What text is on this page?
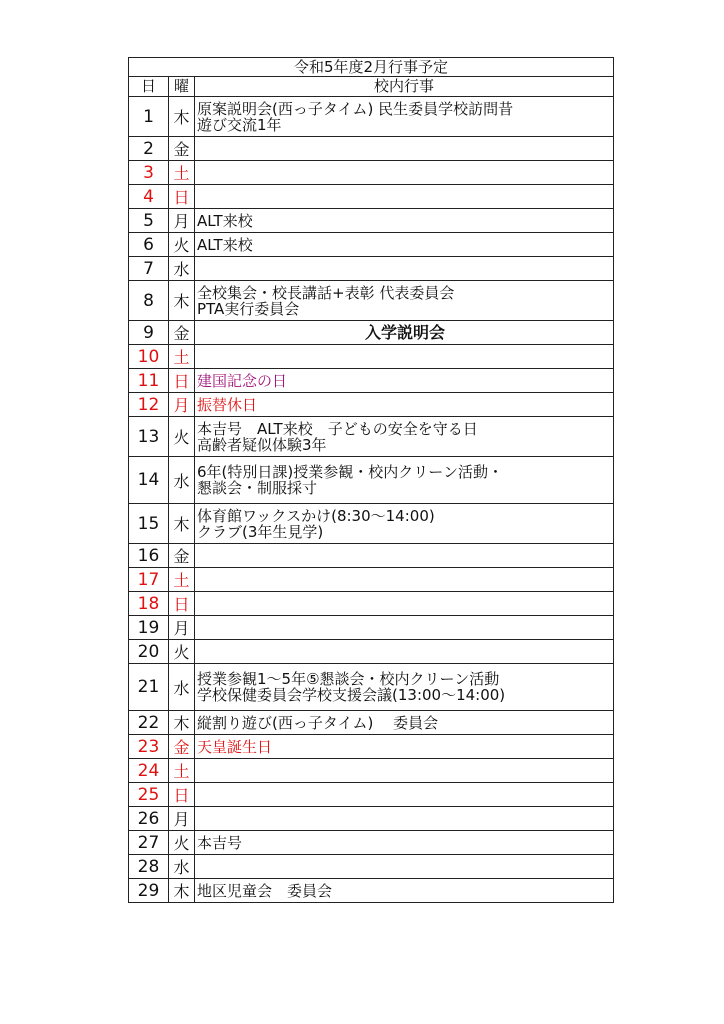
令和5年度2月行事予定		
日	曜	校内行事
1	木	原案説明会(西っ子タイム) 民生委員学校訪問昔
遊び交流1年

2	金	
3	土	
4	日	
5	月	ALT来校

6	火	ALT来校

7	水	
8	木	全校集会・校長講話+表彰 代表委員会
PTA実行委員会

9	金	入学説明会

10	土	
11	日	建国記念の日

12	月	振替休日

13	火	本吉号　ALT来校　子どもの安全を守る日
高齢者疑似体験3年

14	水	6年(特別日課)授業参観・校内クリーン活動・
懇談会・制服採寸

15	木	体育館ワックスかけ(8:30～14:00)
クラブ(3年生見学)

16	金	
17	土	
18	日	
19	月	
20	火	
21	水	授業参観1～5年⑤懇談会・校内クリーン活動
学校保健委員会学校支援会議(13:00～14:00)

22	木	縦割り遊び(西っ子タイム)　 委員会

23	金	天皇誕生日

24	土	
25	日	
26	月	
27	火	本吉号

28	水	
29	木	地区児童会　委員会
